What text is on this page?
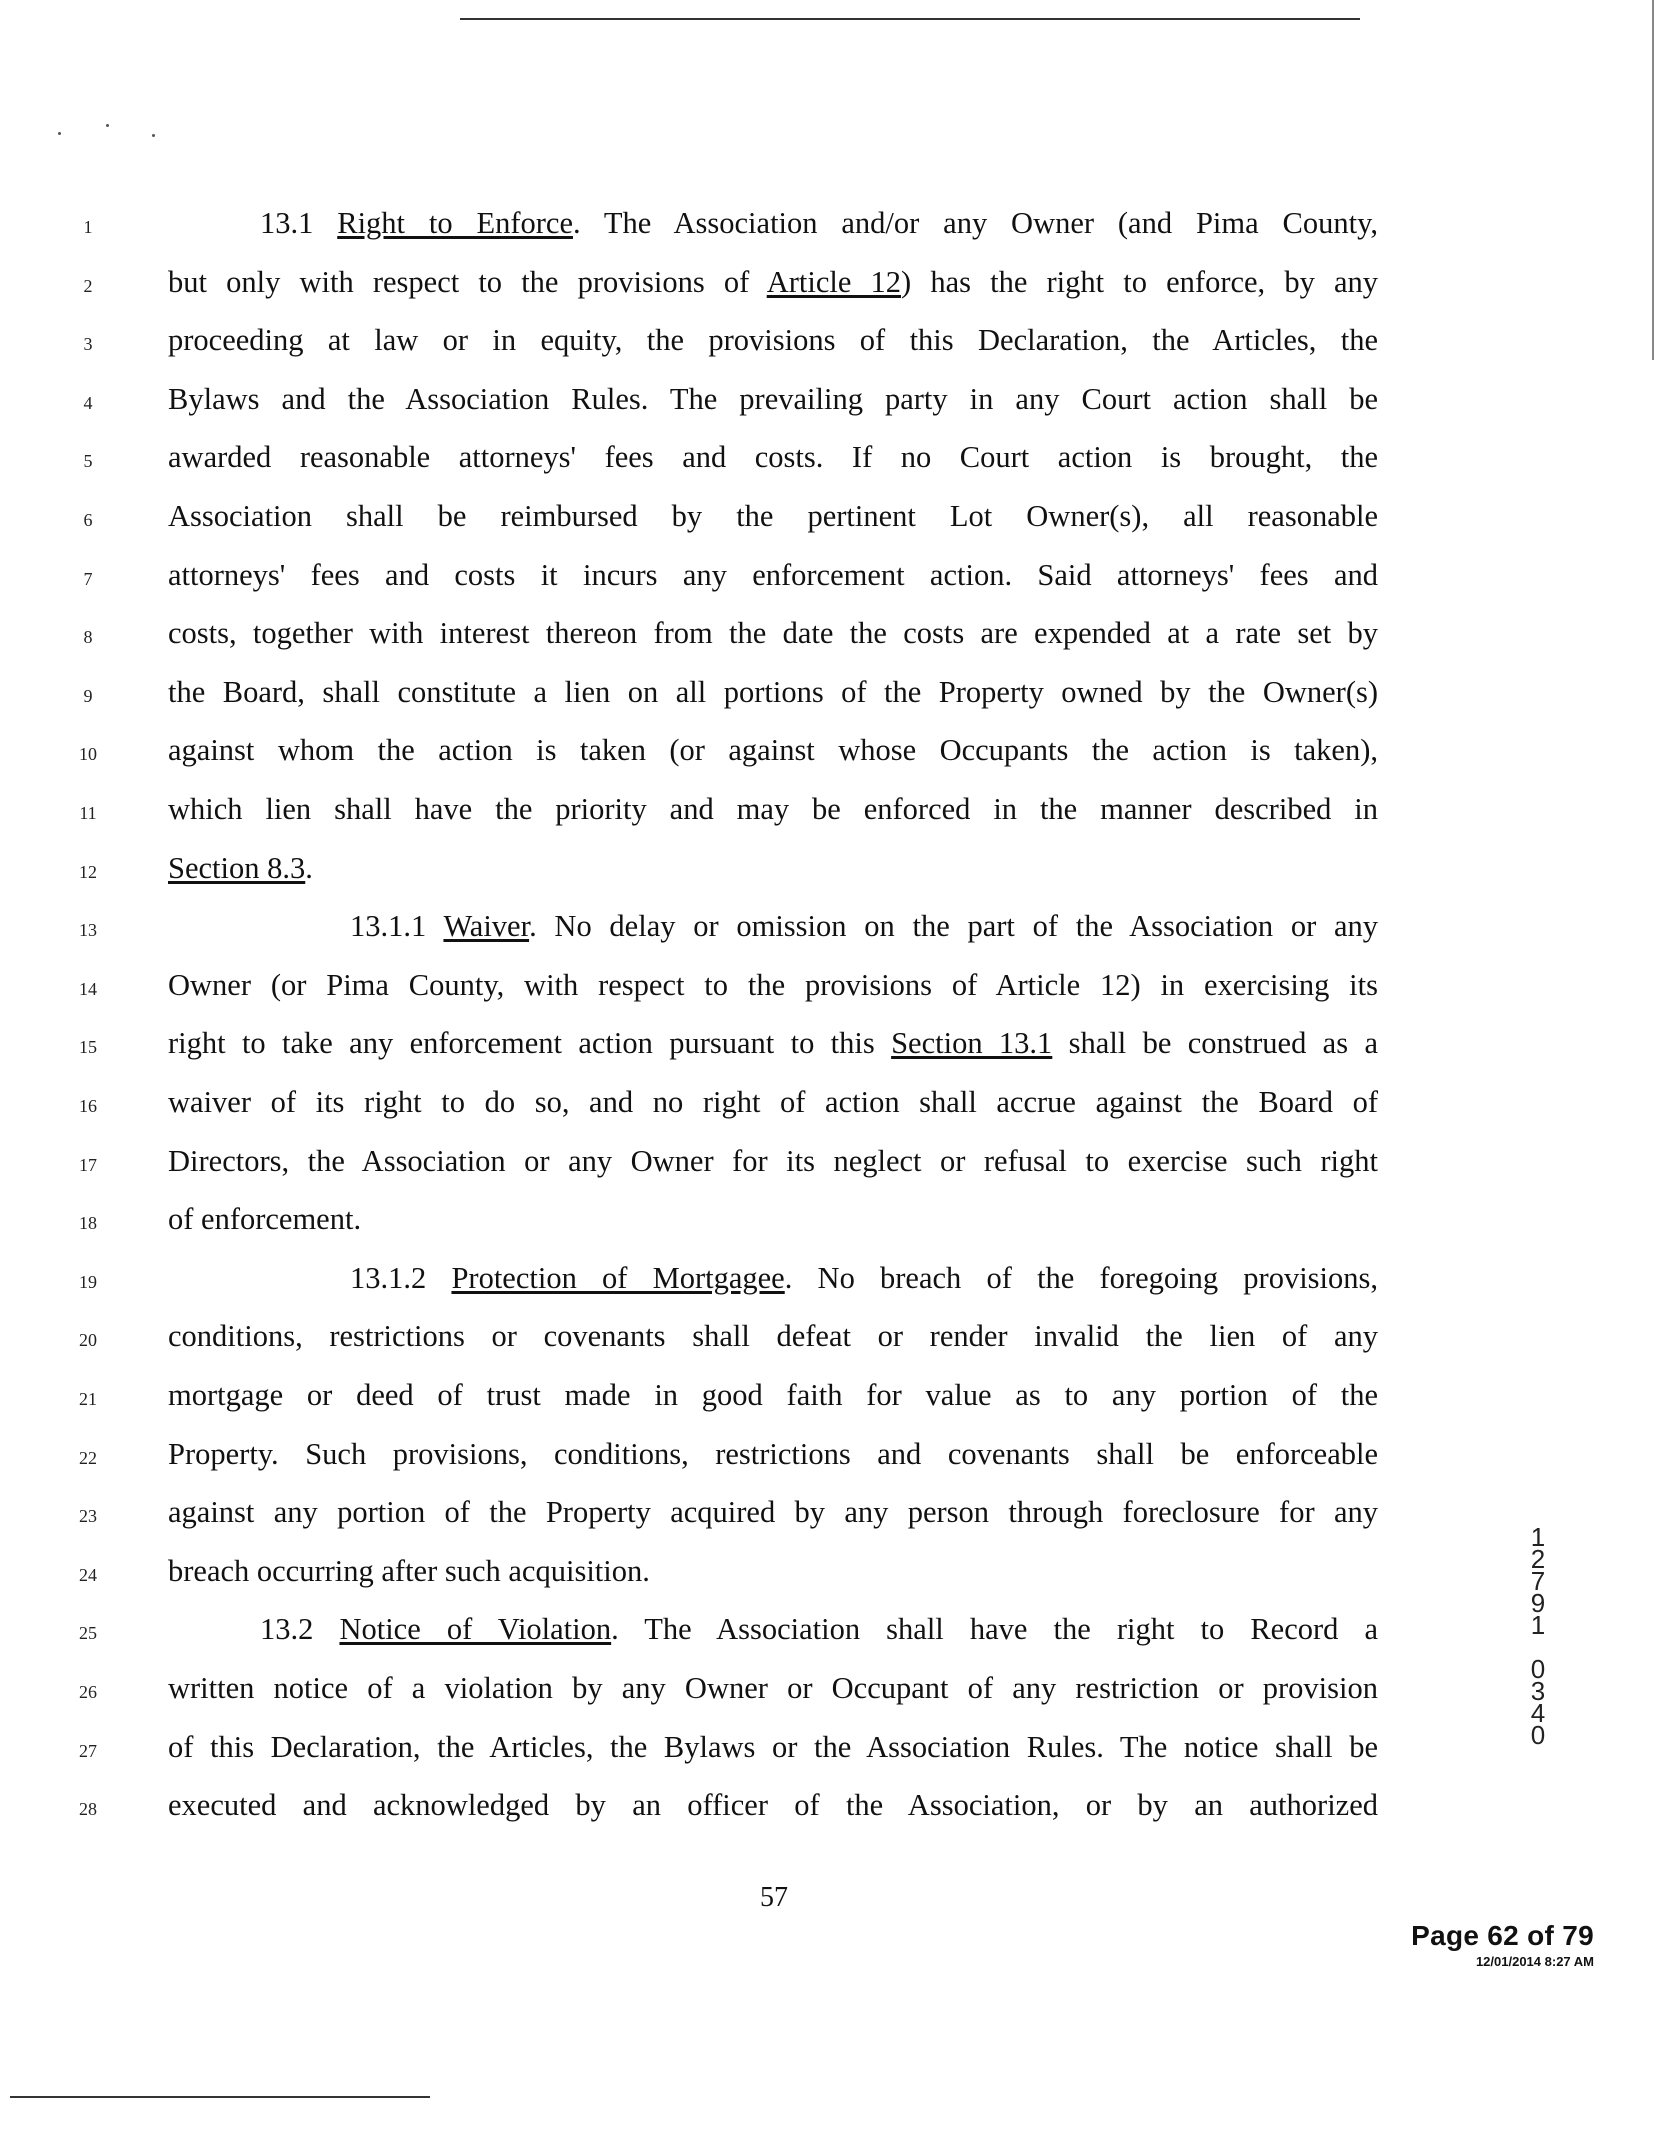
1	13.1 Right to Enforce. The Association and/or any Owner (and Pima County,
2	but only with respect to the provisions of Article 12) has the right to enforce, by any
3	proceeding at law or in equity, the provisions of this Declaration, the Articles, the
4	Bylaws and the Association Rules. The prevailing party in any Court action shall be
5	awarded reasonable attorneys' fees and costs. If no Court action is brought, the
6	Association shall be reimbursed by the pertinent Lot Owner(s), all reasonable
7	attorneys' fees and costs it incurs any enforcement action. Said attorneys' fees and
8	costs, together with interest thereon from the date the costs are expended at a rate set by
9	the Board, shall constitute a lien on all portions of the Property owned by the Owner(s)
10	against whom the action is taken (or against whose Occupants the action is taken),
11	which lien shall have the priority and may be enforced in the manner described in
12	Section 8.3.
13	13.1.1 Waiver. No delay or omission on the part of the Association or any
14	Owner (or Pima County, with respect to the provisions of Article 12) in exercising its
15	right to take any enforcement action pursuant to this Section 13.1 shall be construed as a
16	waiver of its right to do so, and no right of action shall accrue against the Board of
17	Directors, the Association or any Owner for its neglect or refusal to exercise such right
18	of enforcement.
19	13.1.2 Protection of Mortgagee. No breach of the foregoing provisions,
20	conditions, restrictions or covenants shall defeat or render invalid the lien of any
21	mortgage or deed of trust made in good faith for value as to any portion of the
22	Property. Such provisions, conditions, restrictions and covenants shall be enforceable
23	against any portion of the Property acquired by any person through foreclosure for any
24	breach occurring after such acquisition.
25	13.2 Notice of Violation. The Association shall have the right to Record a
26	written notice of a violation by any Owner or Occupant of any restriction or provision
27	of this Declaration, the Articles, the Bylaws or the Association Rules. The notice shall be
28	executed and acknowledged by an officer of the Association, or by an authorized
57
Page 62 of 79
12/01/2014 8:27 AM
1
2
7
9
1

0
3
4
0
